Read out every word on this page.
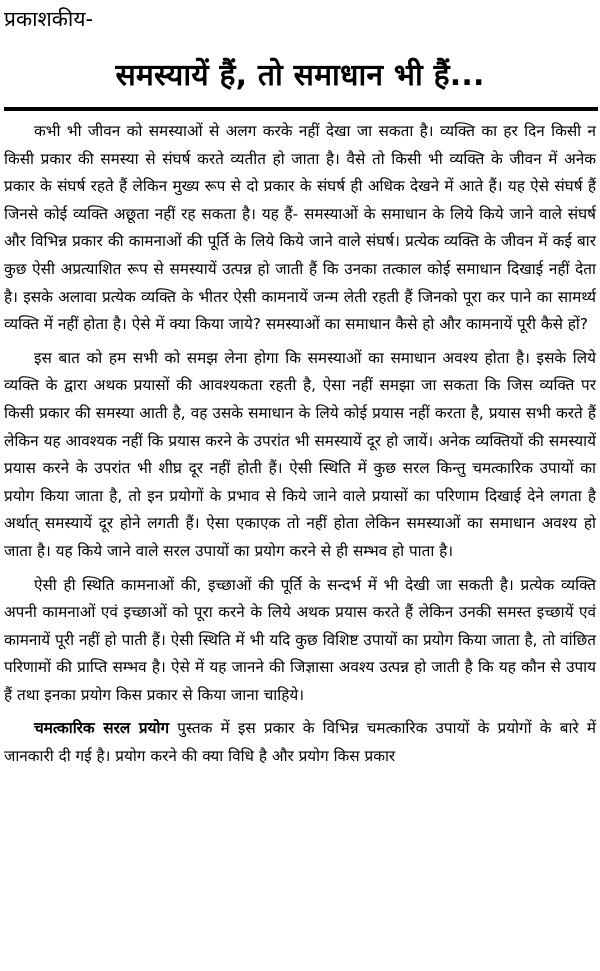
प्रकाशकीय-
समस्यायें हैं, तो समाधान भी हैं...

कभी भी जीवन को समस्याओं से अलग करके नहीं देखा जा सकता है। व्यक्ति का हर दिन किसी न किसी प्रकार की समस्या से संघर्ष करते व्यतीत हो जाता है। वैसे तो किसी भी व्यक्ति के जीवन में अनेक प्रकार के संघर्ष रहते हैं लेकिन मुख्य रूप से दो प्रकार के संघर्ष ही अधिक देखने में आते हैं। यह ऐसे संघर्ष हैं जिनसे कोई व्यक्ति अछूता नहीं रह सकता है। यह हैं- समस्याओं के समाधान के लिये किये जाने वाले संघर्ष और विभिन्न प्रकार की कामनाओं की पूर्ति के लिये किये जाने वाले संघर्ष। प्रत्येक व्यक्ति के जीवन में कई बार कुछ ऐसी अप्रत्याशित रूप से समस्यायें उत्पन्न हो जाती हैं कि उनका तत्काल कोई समाधान दिखाई नहीं देता है। इसके अलावा प्रत्येक व्यक्ति के भीतर ऐसी कामनायें जन्म लेती रहती हैं जिनको पूरा कर पाने का सामर्थ्य व्यक्ति में नहीं होता है। ऐसे में क्या किया जाये? समस्याओं का समाधान कैसे हो और कामनायें पूरी कैसे हों?

इस बात को हम सभी को समझ लेना होगा कि समस्याओं का समाधान अवश्य होता है। इसके लिये व्यक्ति के द्वारा अथक प्रयासों की आवश्यकता रहती है, ऐसा नहीं समझा जा सकता कि जिस व्यक्ति पर किसी प्रकार की समस्या आती है, वह उसके समाधान के लिये कोई प्रयास नहीं करता है, प्रयास सभी करते हैं लेकिन यह आवश्यक नहीं कि प्रयास करने के उपरांत भी समस्यायें दूर हो जायें। अनेक व्यक्तियों की समस्यायें प्रयास करने के उपरांत भी शीघ्र दूर नहीं होती हैं। ऐसी स्थिति में कुछ सरल किन्तु चमत्कारिक उपायों का प्रयोग किया जाता है, तो इन प्रयोगों के प्रभाव से किये जाने वाले प्रयासों का परिणाम दिखाई देने लगता है अर्थात् समस्यायें दूर होने लगती हैं। ऐसा एकाएक तो नहीं होता लेकिन समस्याओं का समाधान अवश्य हो जाता है। यह किये जाने वाले सरल उपायों का प्रयोग करने से ही सम्भव हो पाता है।

ऐसी ही स्थिति कामनाओं की, इच्छाओं की पूर्ति के सन्दर्भ में भी देखी जा सकती है। प्रत्येक व्यक्ति अपनी कामनाओं एवं इच्छाओं को पूरा करने के लिये अथक प्रयास करते हैं लेकिन उनकी समस्त इच्छायें एवं कामनायें पूरी नहीं हो पाती हैं। ऐसी स्थिति में भी यदि कुछ विशिष्ट उपायों का प्रयोग किया जाता है, तो वांछित परिणामों की प्राप्ति सम्भव है। ऐसे में यह जानने की जिज्ञासा अवश्य उत्पन्न हो जाती है कि यह कौन से उपाय हैं तथा इनका प्रयोग किस प्रकार से किया जाना चाहिये।

चमत्कारिक सरल प्रयोग पुस्तक में इस प्रकार के विभिन्न चमत्कारिक उपायों के प्रयोगों के बारे में जानकारी दी गई है। प्रयोग करने की क्या विधि है और प्रयोग किस प्रकार
